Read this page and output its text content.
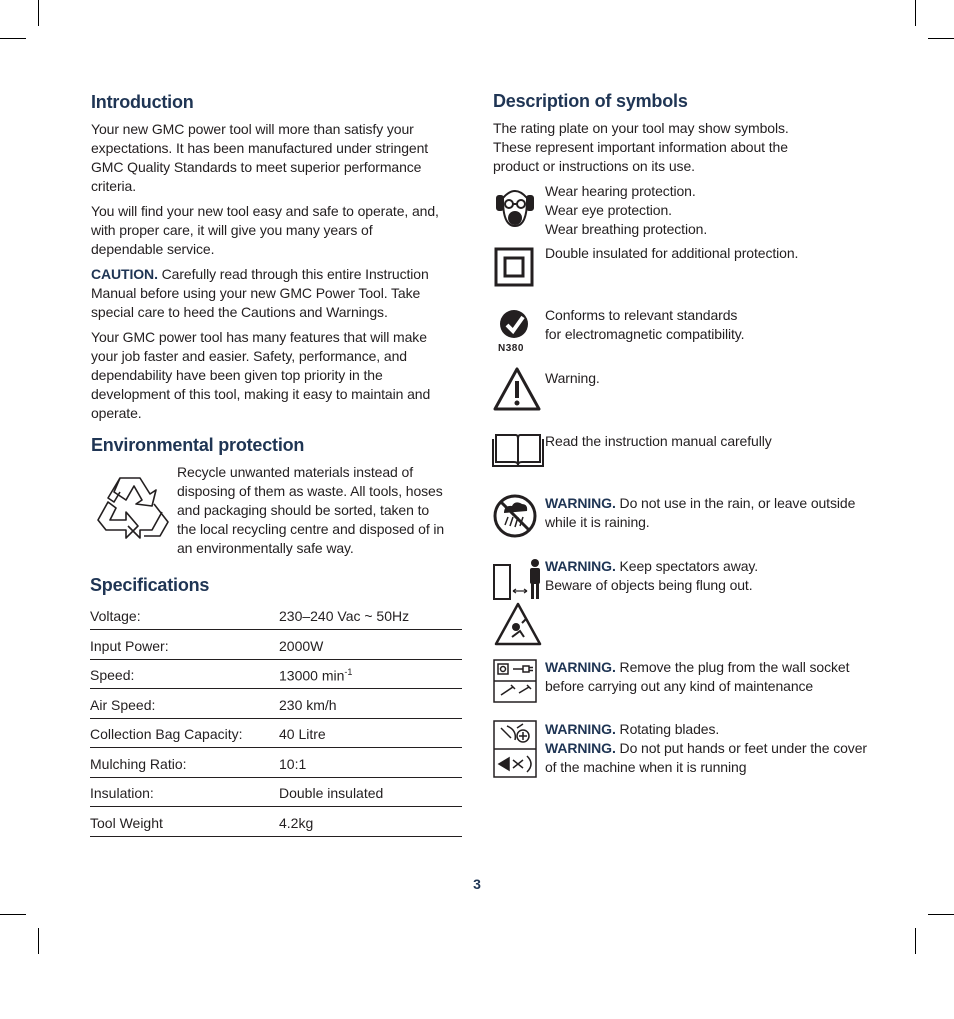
Introduction

Your new GMC power tool will more than satisfy your expectations. It has been manufactured under stringent GMC Quality Standards to meet superior performance criteria.

You will find your new tool easy and safe to operate, and, with proper care, it will give you many years of dependable service.

CAUTION. Carefully read through this entire Instruction Manual before using your new GMC Power Tool. Take special care to heed the Cautions and Warnings.

Your GMC power tool has many features that will make your job faster and easier. Safety, performance, and dependability have been given top priority in the development of this tool, making it easy to maintain and operate.

Environmental protection
Recycle unwanted materials instead of disposing of them as waste. All tools, hoses and packaging should be sorted, taken to the local recycling centre and disposed of in an environmentally safe way.
Specifications
Voltage:	230–240 Vac ~ 50Hz
Input Power:	2000W
Speed:	13000 $\min^{-1}$
Air Speed:	230 km/h
Collection Bag Capacity:	40 Litre
Mulching Ratio:	10:1
Insulation:	Double insulated
Tool Weight	4.2kg
Description of symbols
The rating plate on your tool may show symbols. These represent important information about the product or instructions on its use.
Wear hearing protection.
Wear eye protection.
Wear breathing protection.
Double insulated for additional protection.
N380
Conforms to relevant standards
for electromagnetic compatibility.
Warning.
Read the instruction manual carefully
WARNING. Do not use in the rain, or leave outside while it is raining.
WARNING. Keep spectators away.
Beware of objects being flung out.
WARNING. Remove the plug from the wall socket before carrying out any kind of maintenance
WARNING. Rotating blades.
WARNING. Do not put hands or feet under the cover of the machine when it is running
3
